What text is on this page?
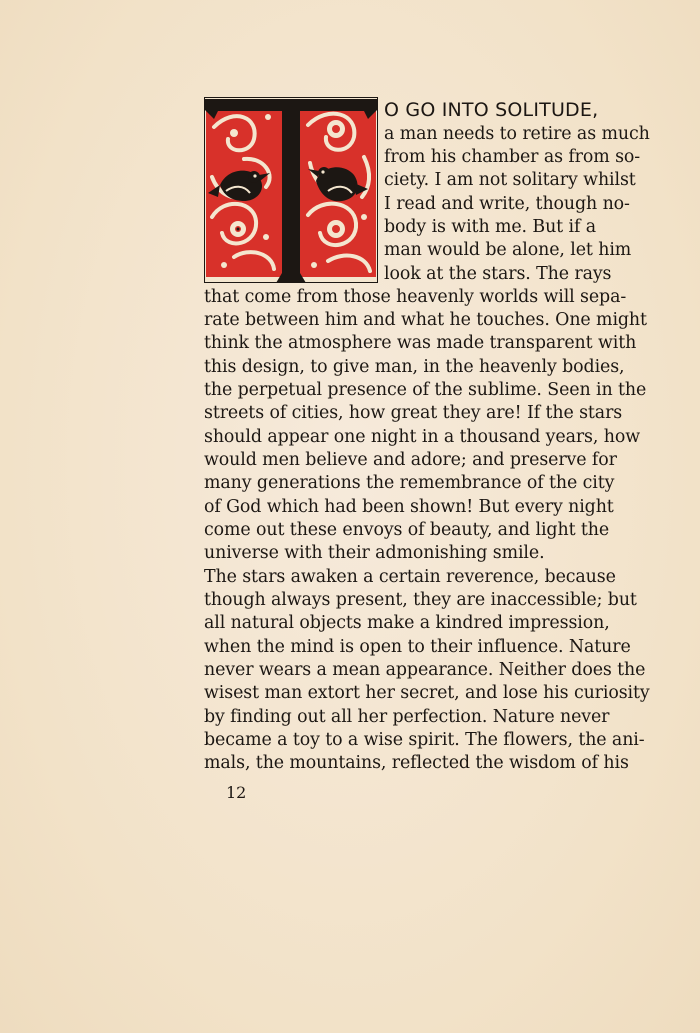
O GO INTO SOLITUDE,
a man needs to retire as much
from his chamber as from so-
ciety. I am not solitary whilst
I read and write, though no-
body is with me. But if a
man would be alone, let him
look at the stars. The rays
that come from those heavenly worlds will sepa-
rate between him and what he touches. One might
think the atmosphere was made transparent with
this design, to give man, in the heavenly bodies,
the perpetual presence of the sublime. Seen in the
streets of cities, how great they are! If the stars
should appear one night in a thousand years, how
would men believe and adore; and preserve for
many generations the remembrance of the city
of God which had been shown! But every night
come out these envoys of beauty, and light the
universe with their admonishing smile.
The stars awaken a certain reverence, because
though always present, they are inaccessible; but
all natural objects make a kindred impression,
when the mind is open to their influence. Nature
never wears a mean appearance. Neither does the
wisest man extort her secret, and lose his curiosity
by finding out all her perfection. Nature never
became a toy to a wise spirit. The flowers, the ani-
mals, the mountains, reflected the wisdom of his
12
